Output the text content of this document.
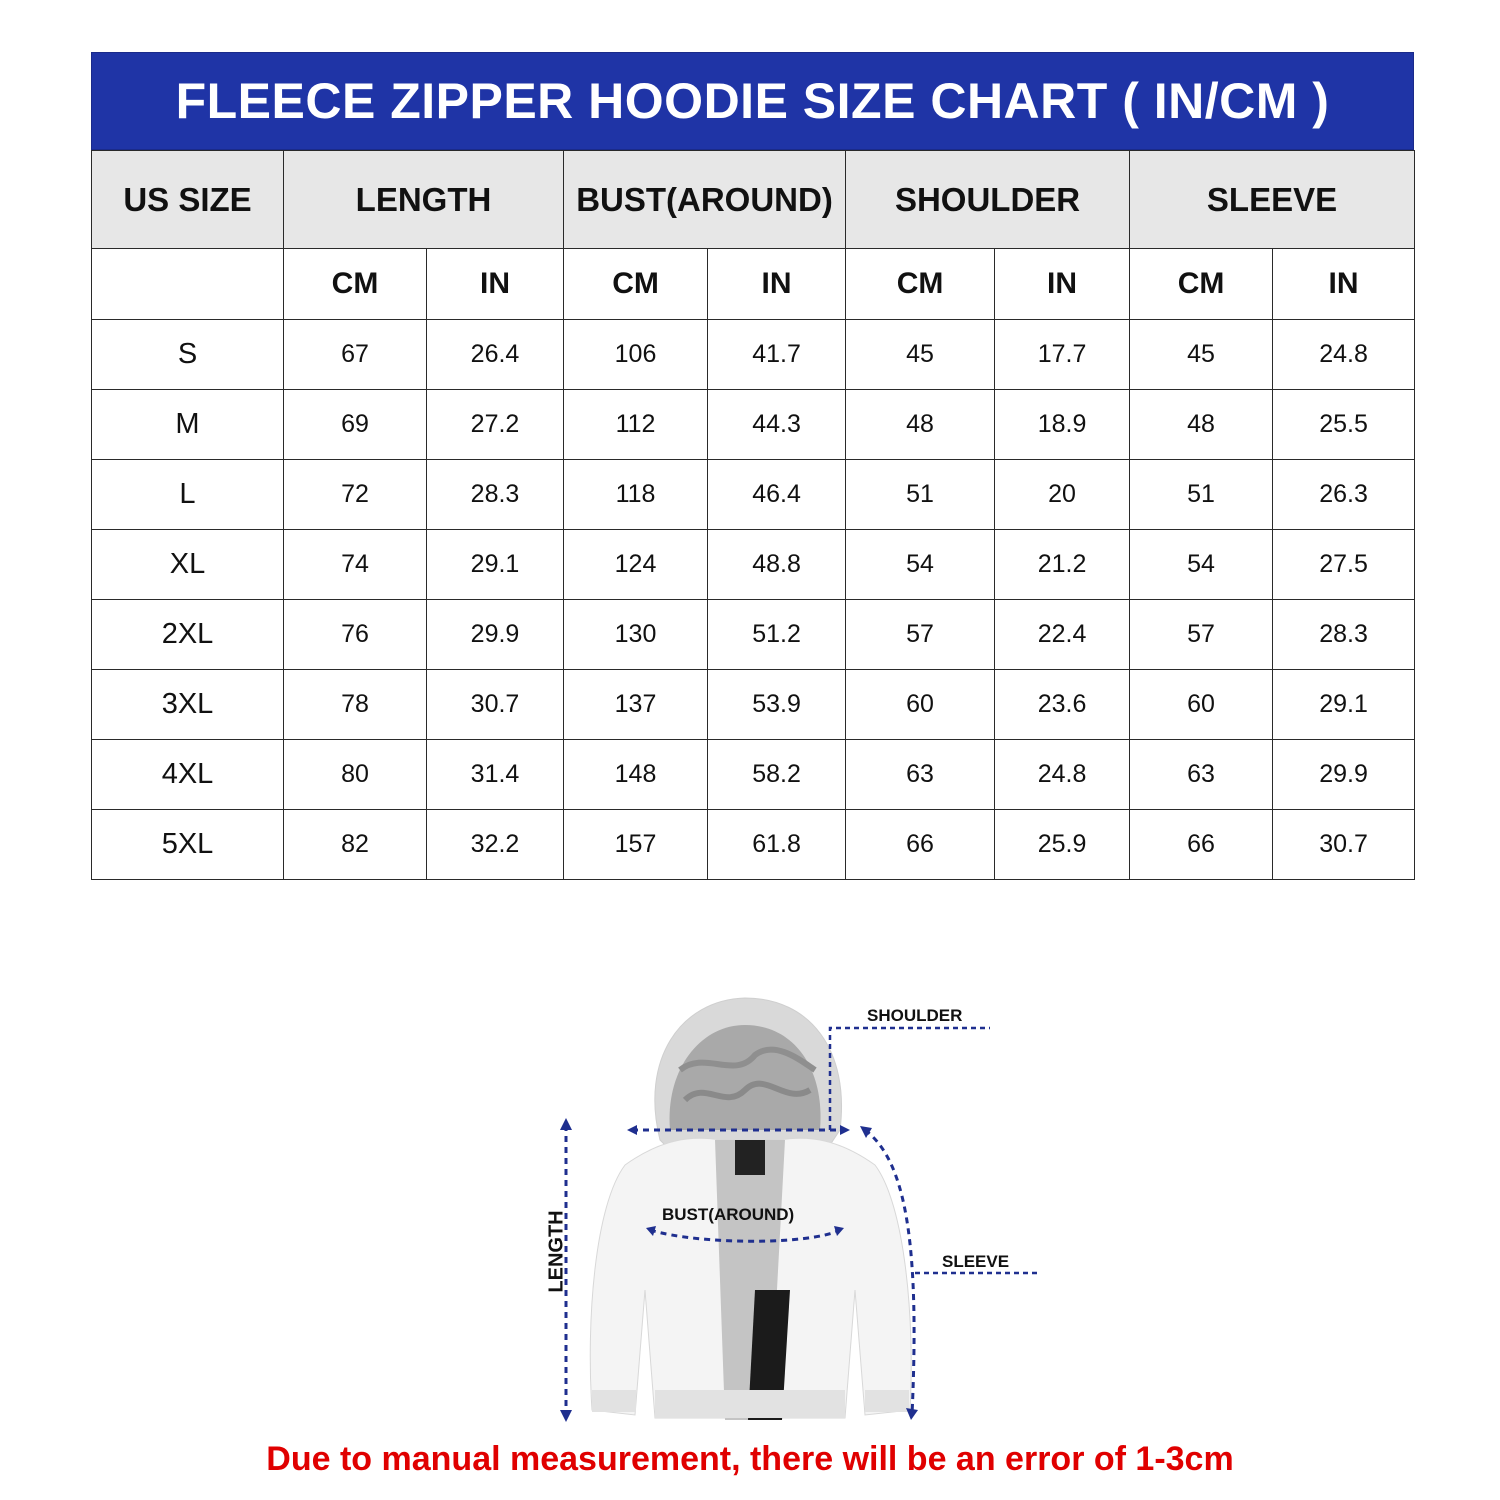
FLEECE ZIPPER HOODIE SIZE CHART ( IN/CM )
US SIZE	LENGTH		BUST(AROUND)		SHOULDER		SLEEVE	
	CM	IN	CM	IN	CM	IN	CM	IN
S	67	26.4	106	41.7	45	17.7	45	24.8
M	69	27.2	112	44.3	48	18.9	48	25.5
L	72	28.3	118	46.4	51	20	51	26.3
XL	74	29.1	124	48.8	54	21.2	54	27.5
2XL	76	29.9	130	51.2	57	22.4	57	28.3
3XL	78	30.7	137	53.9	60	23.6	60	29.1
4XL	80	31.4	148	58.2	63	24.8	63	29.9
5XL	82	32.2	157	61.8	66	25.9	66	30.7
SHOULDER
BUST(AROUND)
SLEEVE
LENGTH
Due to manual measurement, there will be an error of 1-3cm
